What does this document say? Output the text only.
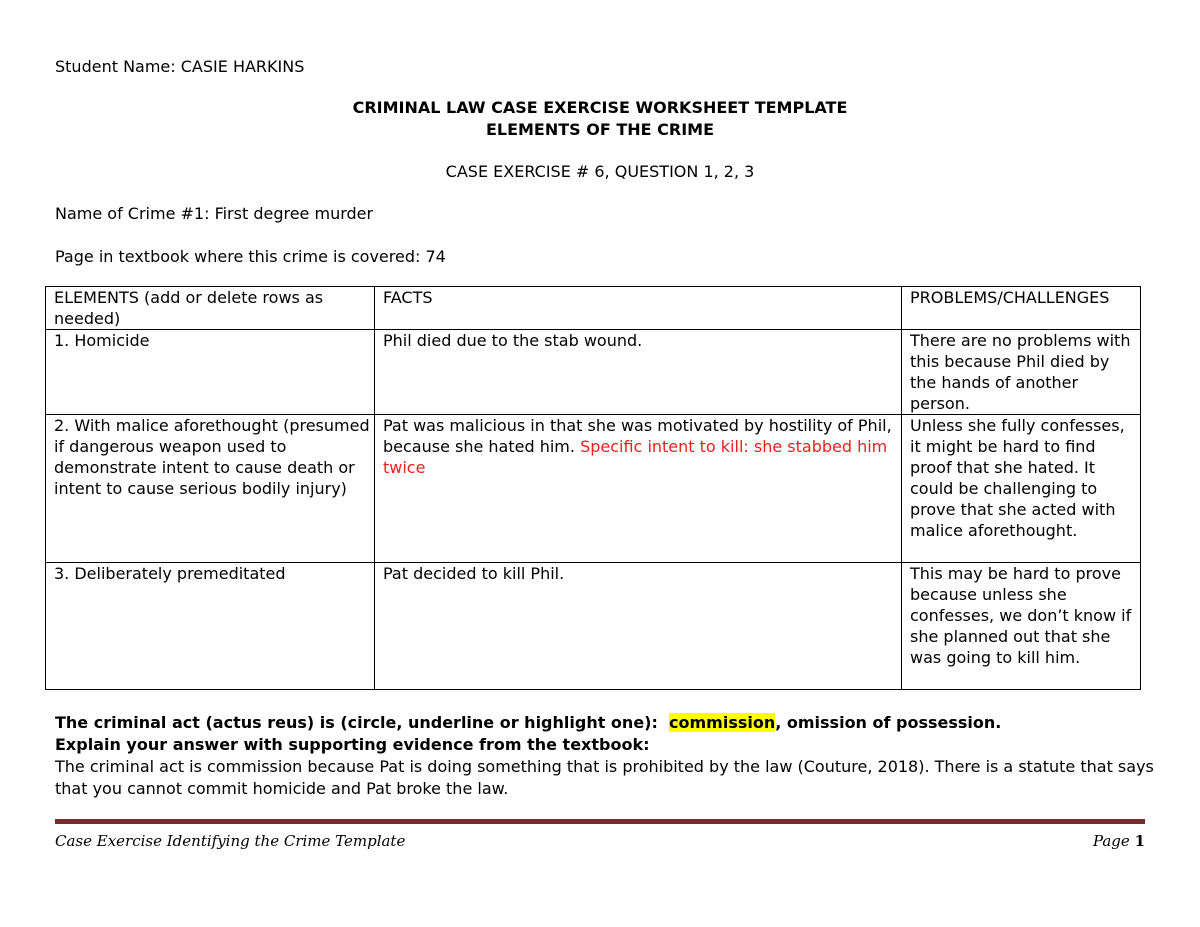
Student Name: CASIE HARKINS

CRIMINAL LAW CASE EXERCISE WORKSHEET TEMPLATE

ELEMENTS OF THE CRIME

CASE EXERCISE # 6, QUESTION 1, 2, 3

Name of Crime #1: First degree murder

Page in textbook where this crime is covered: 74

ELEMENTS (add or delete rows as needed)	FACTS	PROBLEMS/CHALLENGES
1. Homicide	Phil died due to the stab wound.	There are no problems with this because Phil died by the hands of another person.
2. With malice aforethought (presumed if dangerous weapon used to demonstrate intent to cause death or intent to cause serious bodily injury)	Pat was malicious in that she was motivated by hostility of Phil, because she hated him. Specific intent to kill: she stabbed him twice	Unless she fully confesses, it might be hard to find proof that she hated. It could be challenging to prove that she acted with malice aforethought.
3. Deliberately premeditated	Pat decided to kill Phil.	This may be hard to prove because unless she confesses, we don’t know if she planned out that she was going to kill him.
The criminal act (actus reus) is (circle, underline or highlight one): commission, omission of possession.
Explain your answer with supporting evidence from the textbook:
The criminal act is commission because Pat is doing something that is prohibited by the law (Couture, 2018). There is a statute that says that you cannot commit homicide and Pat broke the law.
Case Exercise Identifying the Crime Template	Page 1
